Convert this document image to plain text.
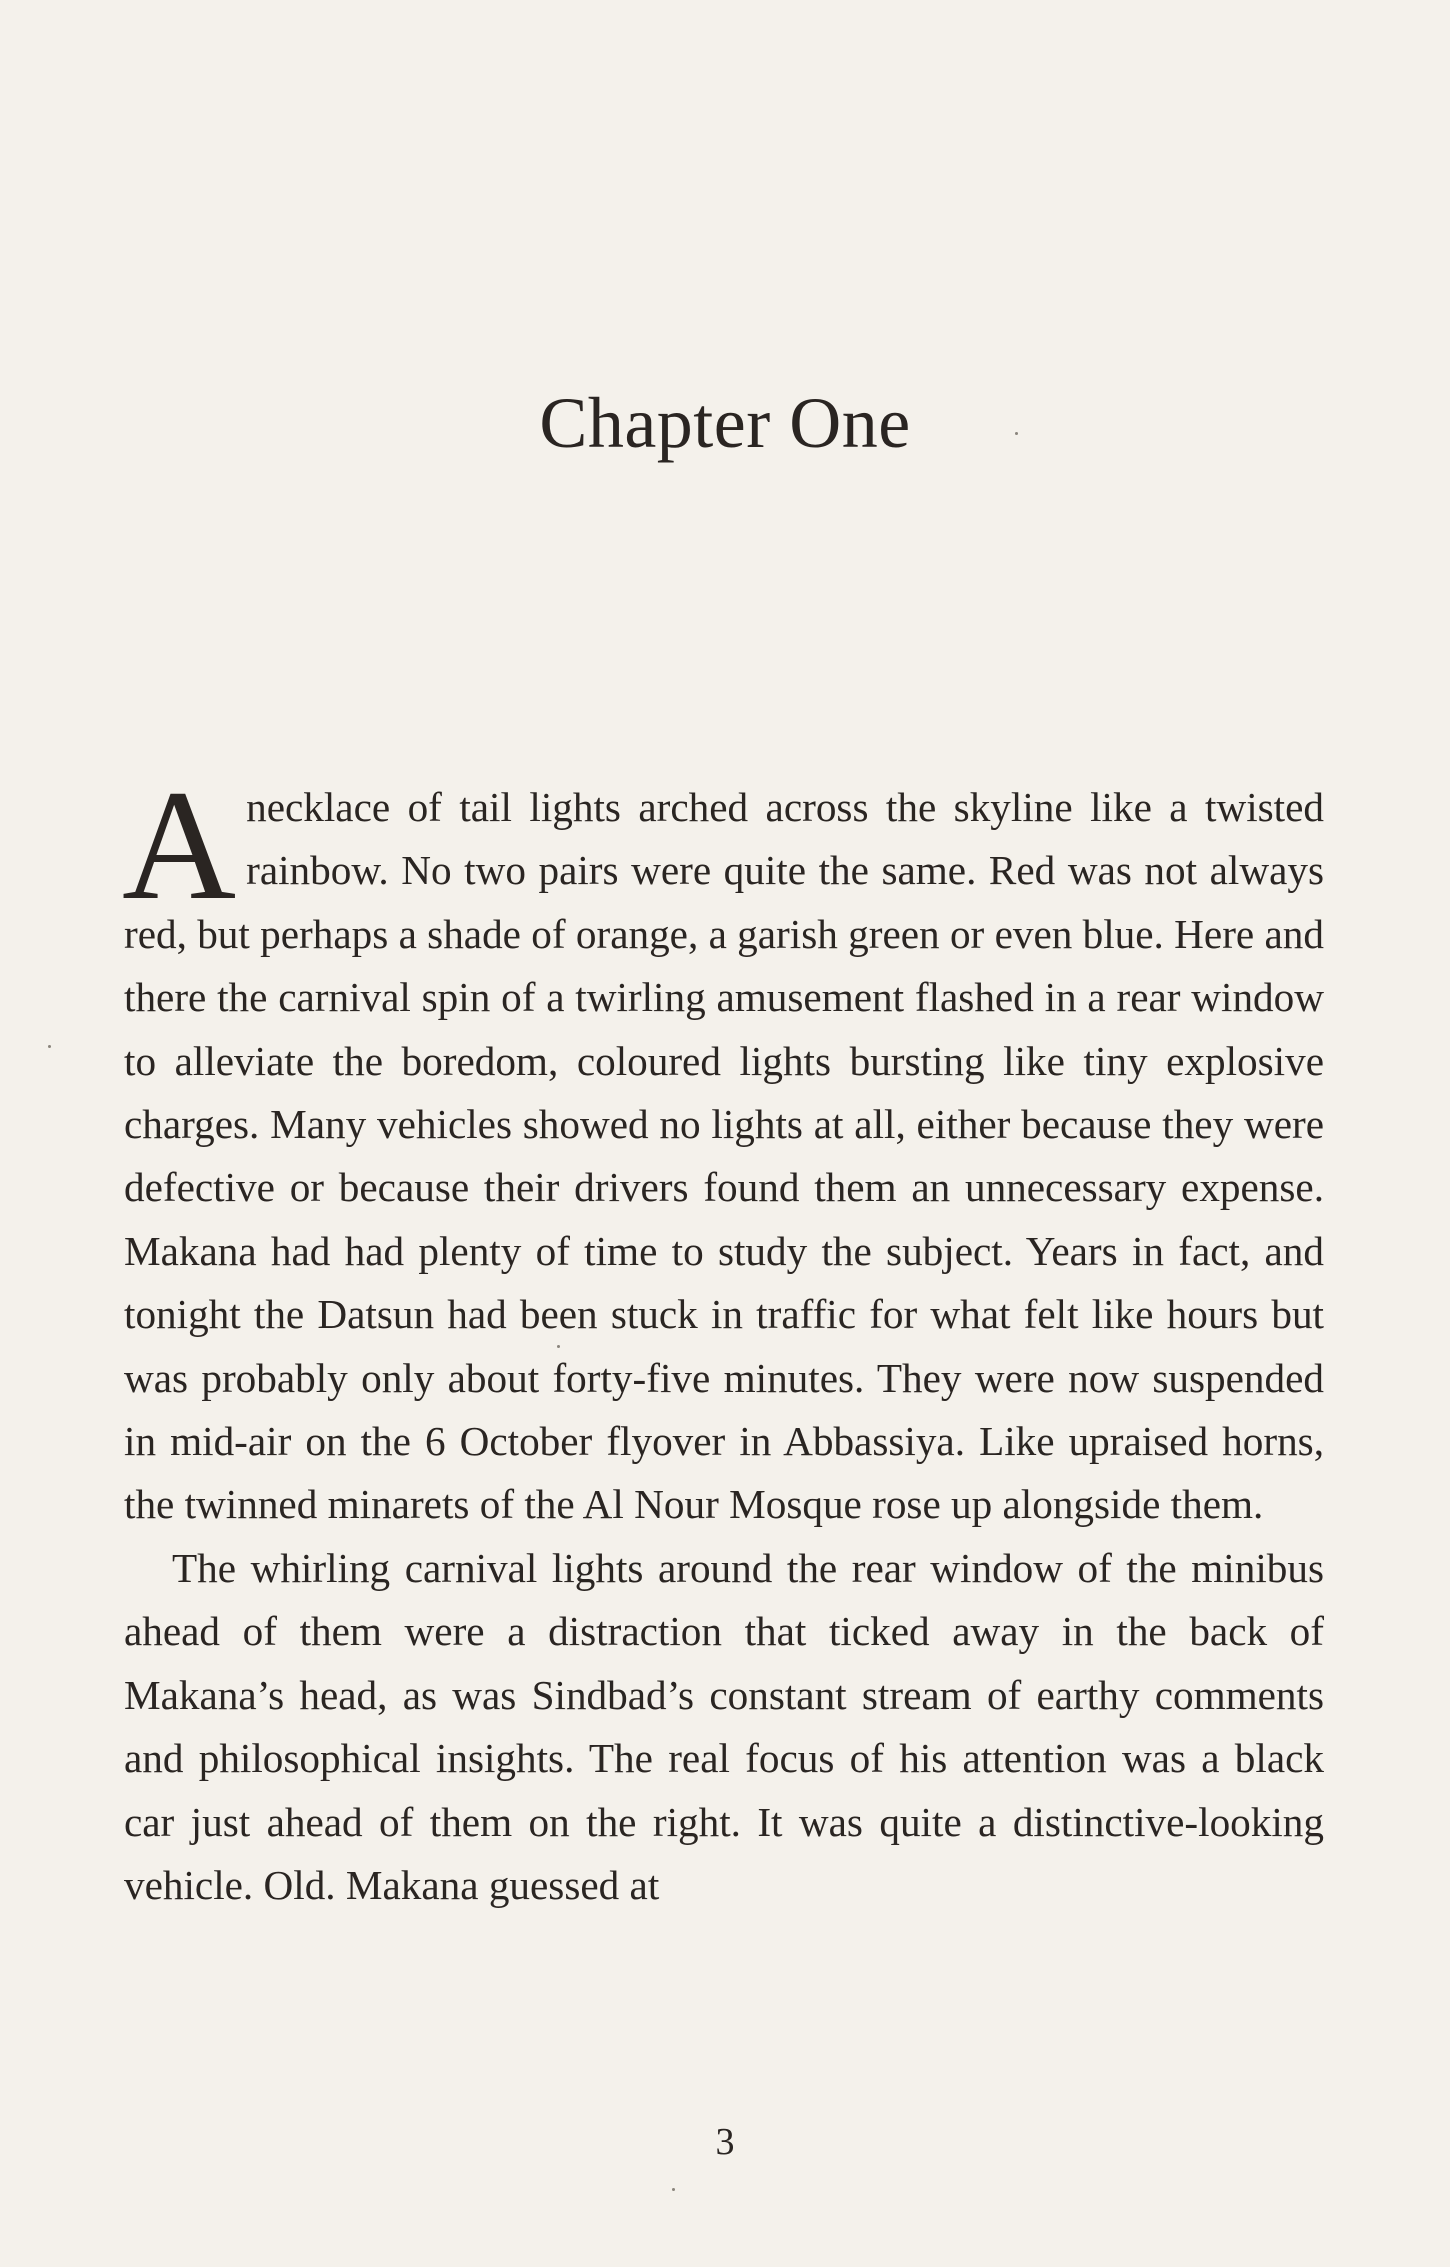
Chapter One

Anecklace of tail lights arched across the skyline like a twisted rainbow. No two pairs were quite the same. Red was not always red, but perhaps a shade of orange, a garish green or even blue. Here and there the carnival spin of a twirling amusement flashed in a rear window to alleviate the boredom, coloured lights bursting like tiny explosive charges. Many vehicles showed no lights at all, either because they were defective or because their drivers found them an unnecessary expense. Makana had had plenty of time to study the subject. Years in fact, and tonight the Datsun had been stuck in traffic for what felt like hours but was probably only about forty-five minutes. They were now suspended in mid-air on the 6 October flyover in Abbassiya. Like upraised horns, the twinned minarets of the Al Nour Mosque rose up alongside them.

The whirling carnival lights around the rear window of the minibus ahead of them were a distraction that ticked away in the back of Makana’s head, as was Sindbad’s constant stream of earthy comments and philosophical insights. The real focus of his attention was a black car just ahead of them on the right. It was quite a distinctive-looking vehicle. Old. Makana guessed at

3
